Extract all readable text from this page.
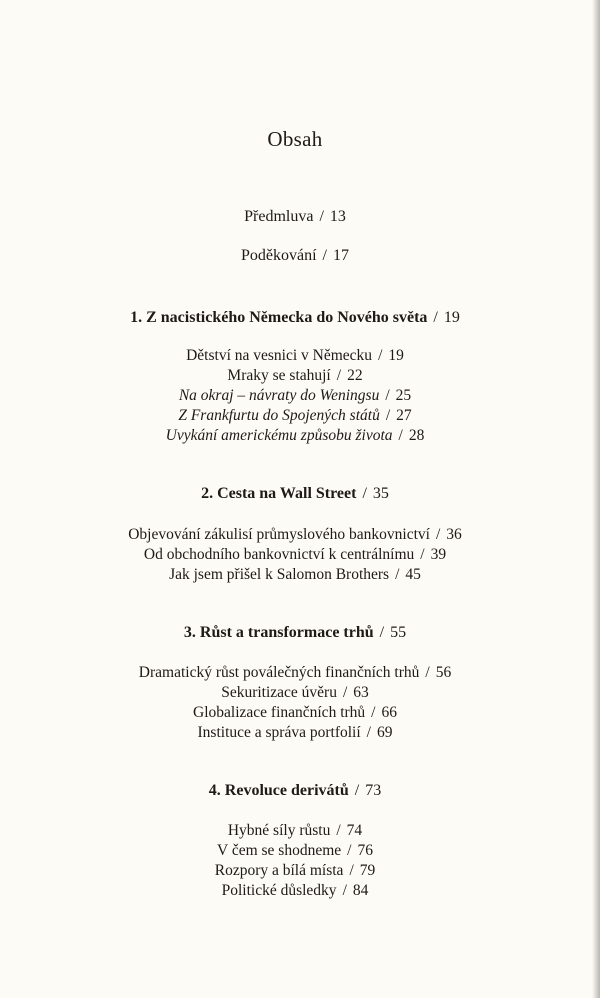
Obsah
Předmluva / 13
Poděkování / 17
1. Z nacistického Německa do Nového světa / 19
Dětství na vesnici v Německu / 19
Mraky se stahují / 22
Na okraj – návraty do Weningsu / 25
Z Frankfurtu do Spojených států / 27
Uvykání americkému způsobu života / 28
2. Cesta na Wall Street / 35
Objevování zákulisí průmyslového bankovnictví / 36
Od obchodního bankovnictví k centrálnímu / 39
Jak jsem přišel k Salomon Brothers / 45
3. Růst a transformace trhů / 55
Dramatický růst poválečných finančních trhů / 56
Sekuritizace úvěru / 63
Globalizace finančních trhů / 66
Instituce a správa portfolií / 69
4. Revoluce derivátů / 73
Hybné síly růstu / 74
V čem se shodneme / 76
Rozpory a bílá místa / 79
Politické důsledky / 84
